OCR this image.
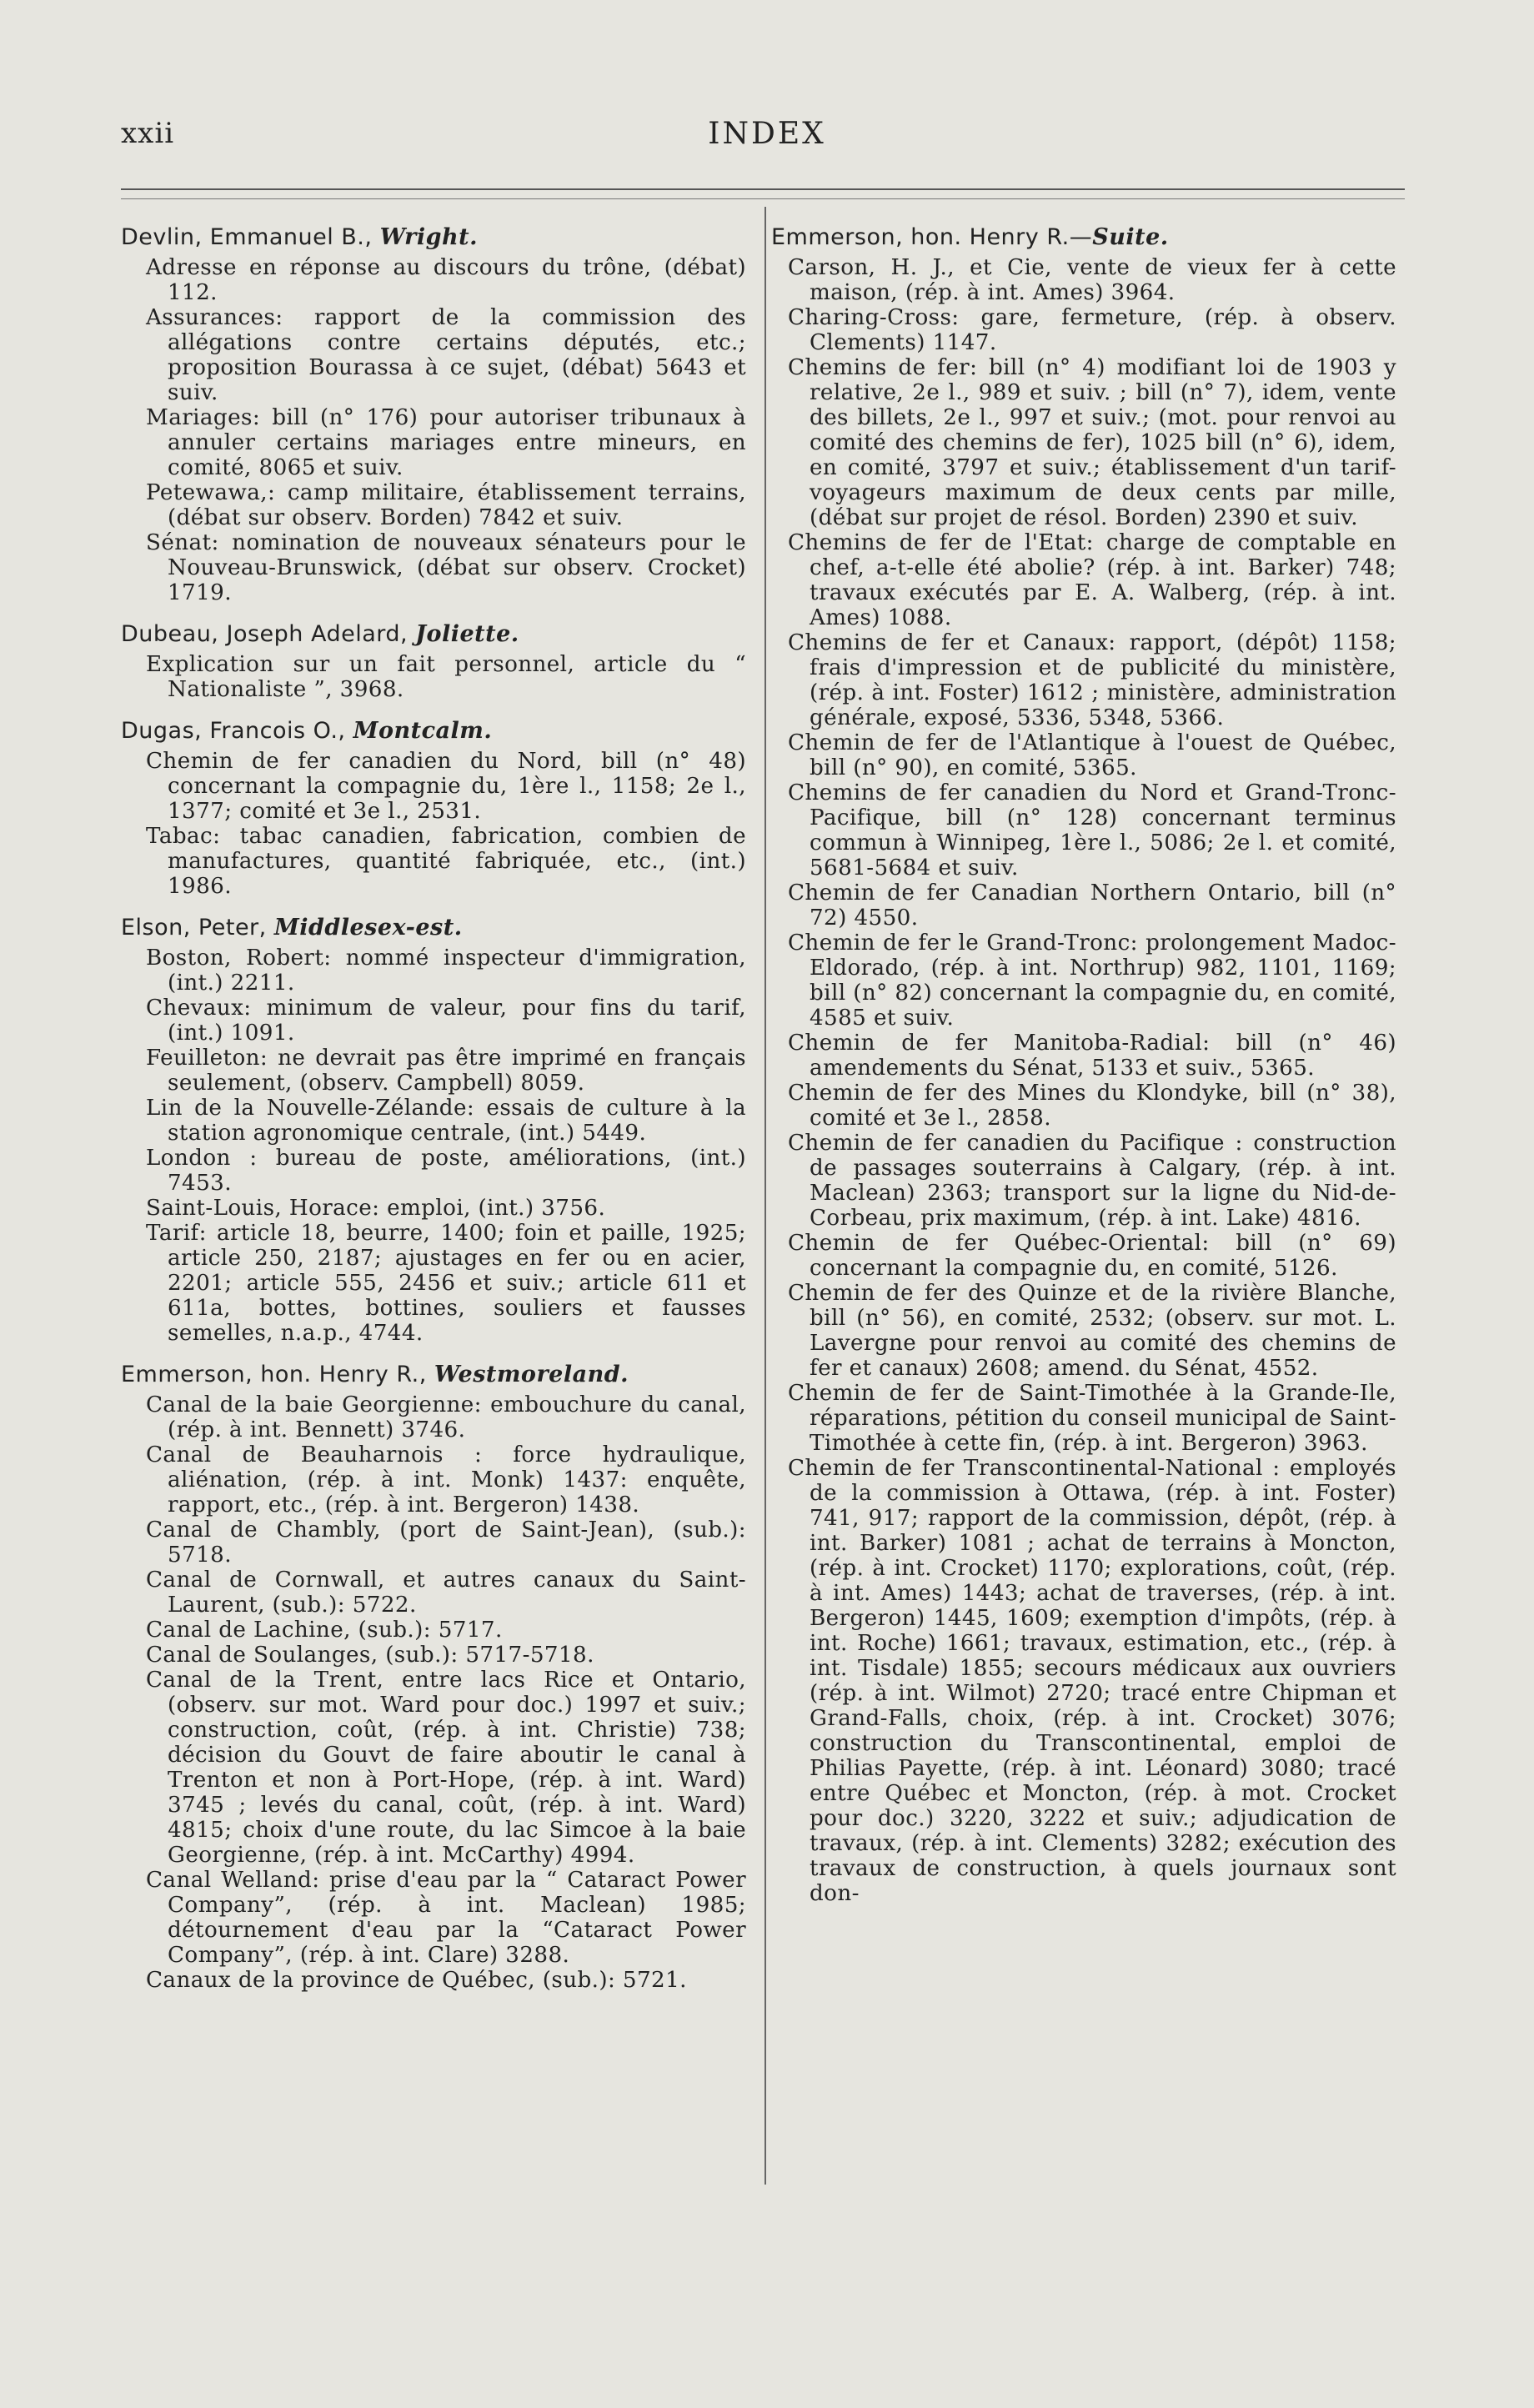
xxii	INDEX
Devlin, Emmanuel B., Wright.
Adresse en réponse au discours du trône, (débat) 112.
Assurances: rapport de la commission des allégations contre certains députés, etc.; proposition Bourassa à ce sujet, (débat) 5643 et suiv.
Mariages: bill (n° 176) pour autoriser tribunaux à annuler certains mariages entre mineurs, en comité, 8065 et suiv.
Petewawa,: camp militaire, établissement terrains, (débat sur observ. Borden) 7842 et suiv.
Sénat: nomination de nouveaux sénateurs pour le Nouveau-Brunswick, (débat sur observ. Crocket) 1719.
Dubeau, Joseph Adelard, Joliette.
Explication sur un fait personnel, article du “ Nationaliste ”, 3968.
Dugas, Francois O., Montcalm.
Chemin de fer canadien du Nord, bill (n° 48) concernant la compagnie du, 1ère l., 1158; 2e l., 1377; comité et 3e l., 2531.
Tabac: tabac canadien, fabrication, combien de manufactures, quantité fabriquée, etc., (int.) 1986.
Elson, Peter, Middlesex-est.
Boston, Robert: nommé inspecteur d'immigration, (int.) 2211.
Chevaux: minimum de valeur, pour fins du tarif, (int.) 1091.
Feuilleton: ne devrait pas être imprimé en français seulement, (observ. Campbell) 8059.
Lin de la Nouvelle-Zélande: essais de culture à la station agronomique centrale, (int.) 5449.
London : bureau de poste, améliorations, (int.) 7453.
Saint-Louis, Horace: emploi, (int.) 3756.
Tarif: article 18, beurre, 1400; foin et paille, 1925; article 250, 2187; ajustages en fer ou en acier, 2201; article 555, 2456 et suiv.; article 611 et 611a, bottes, bottines, souliers et fausses semelles, n.a.p., 4744.
Emmerson, hon. Henry R., Westmoreland.
Canal de la baie Georgienne: embouchure du canal, (rép. à int. Bennett) 3746.
Canal de Beauharnois : force hydraulique, aliénation, (rép. à int. Monk) 1437: enquête, rapport, etc., (rép. à int. Bergeron) 1438.
Canal de Chambly, (port de Saint-Jean), (sub.): 5718.
Canal de Cornwall, et autres canaux du Saint-Laurent, (sub.): 5722.
Canal de Lachine, (sub.): 5717.
Canal de Soulanges, (sub.): 5717-5718.
Canal de la Trent, entre lacs Rice et Ontario, (observ. sur mot. Ward pour doc.) 1997 et suiv.; construction, coût, (rép. à int. Christie) 738; décision du Gouvt de faire aboutir le canal à Trenton et non à Port-Hope, (rép. à int. Ward) 3745 ; levés du canal, coût, (rép. à int. Ward) 4815; choix d'une route, du lac Simcoe à la baie Georgienne, (rép. à int. McCarthy) 4994.
Canal Welland: prise d'eau par la “ Cataract Power Company”, (rép. à int. Maclean) 1985; détournement d'eau par la “Cataract Power Company”, (rép. à int. Clare) 3288.
Canaux de la province de Québec, (sub.): 5721.
Emmerson, hon. Henry R.—Suite.
Carson, H. J., et Cie, vente de vieux fer à cette maison, (rép. à int. Ames) 3964.
Charing-Cross: gare, fermeture, (rép. à observ. Clements) 1147.
Chemins de fer: bill (n° 4) modifiant loi de 1903 y relative, 2e l., 989 et suiv. ; bill (n° 7), idem, vente des billets, 2e l., 997 et suiv.; (mot. pour renvoi au comité des chemins de fer), 1025 bill (n° 6), idem, en comité, 3797 et suiv.; établissement d'un tarif-voyageurs maximum de deux cents par mille, (débat sur projet de résol. Borden) 2390 et suiv.
Chemins de fer de l'Etat: charge de comptable en chef, a-t-elle été abolie? (rép. à int. Barker) 748; travaux exécutés par E. A. Walberg, (rép. à int. Ames) 1088.
Chemins de fer et Canaux: rapport, (dépôt) 1158; frais d'impression et de publicité du ministère, (rép. à int. Foster) 1612 ; ministère, administration générale, exposé, 5336, 5348, 5366.
Chemin de fer de l'Atlantique à l'ouest de Québec, bill (n° 90), en comité, 5365.
Chemins de fer canadien du Nord et Grand-Tronc-Pacifique, bill (n° 128) concernant terminus commun à Winnipeg, 1ère l., 5086; 2e l. et comité, 5681-5684 et suiv.
Chemin de fer Canadian Northern Ontario, bill (n° 72) 4550.
Chemin de fer le Grand-Tronc: prolongement Madoc-Eldorado, (rép. à int. Northrup) 982, 1101, 1169; bill (n° 82) concernant la compagnie du, en comité, 4585 et suiv.
Chemin de fer Manitoba-Radial: bill (n° 46) amendements du Sénat, 5133 et suiv., 5365.
Chemin de fer des Mines du Klondyke, bill (n° 38), comité et 3e l., 2858.
Chemin de fer canadien du Pacifique : construction de passages souterrains à Calgary, (rép. à int. Maclean) 2363; transport sur la ligne du Nid-de-Corbeau, prix maximum, (rép. à int. Lake) 4816.
Chemin de fer Québec-Oriental: bill (n° 69) concernant la compagnie du, en comité, 5126.
Chemin de fer des Quinze et de la rivière Blanche, bill (n° 56), en comité, 2532; (observ. sur mot. L. Lavergne pour renvoi au comité des chemins de fer et canaux) 2608; amend. du Sénat, 4552.
Chemin de fer de Saint-Timothée à la Grande-Ile, réparations, pétition du conseil municipal de Saint-Timothée à cette fin, (rép. à int. Bergeron) 3963.
Chemin de fer Transcontinental-National : employés de la commission à Ottawa, (rép. à int. Foster) 741, 917; rapport de la commission, dépôt, (rép. à int. Barker) 1081 ; achat de terrains à Moncton, (rép. à int. Crocket) 1170; explorations, coût, (rép. à int. Ames) 1443; achat de traverses, (rép. à int. Bergeron) 1445, 1609; exemption d'impôts, (rép. à int. Roche) 1661; travaux, estimation, etc., (rép. à int. Tisdale) 1855; secours médicaux aux ouvriers (rép. à int. Wilmot) 2720; tracé entre Chipman et Grand-Falls, choix, (rép. à int. Crocket) 3076; construction du Transcontinental, emploi de Philias Payette, (rép. à int. Léonard) 3080; tracé entre Québec et Moncton, (rép. à mot. Crocket pour doc.) 3220, 3222 et suiv.; adjudication de travaux, (rép. à int. Clements) 3282; exécution des travaux de construction, à quels journaux sont don-
